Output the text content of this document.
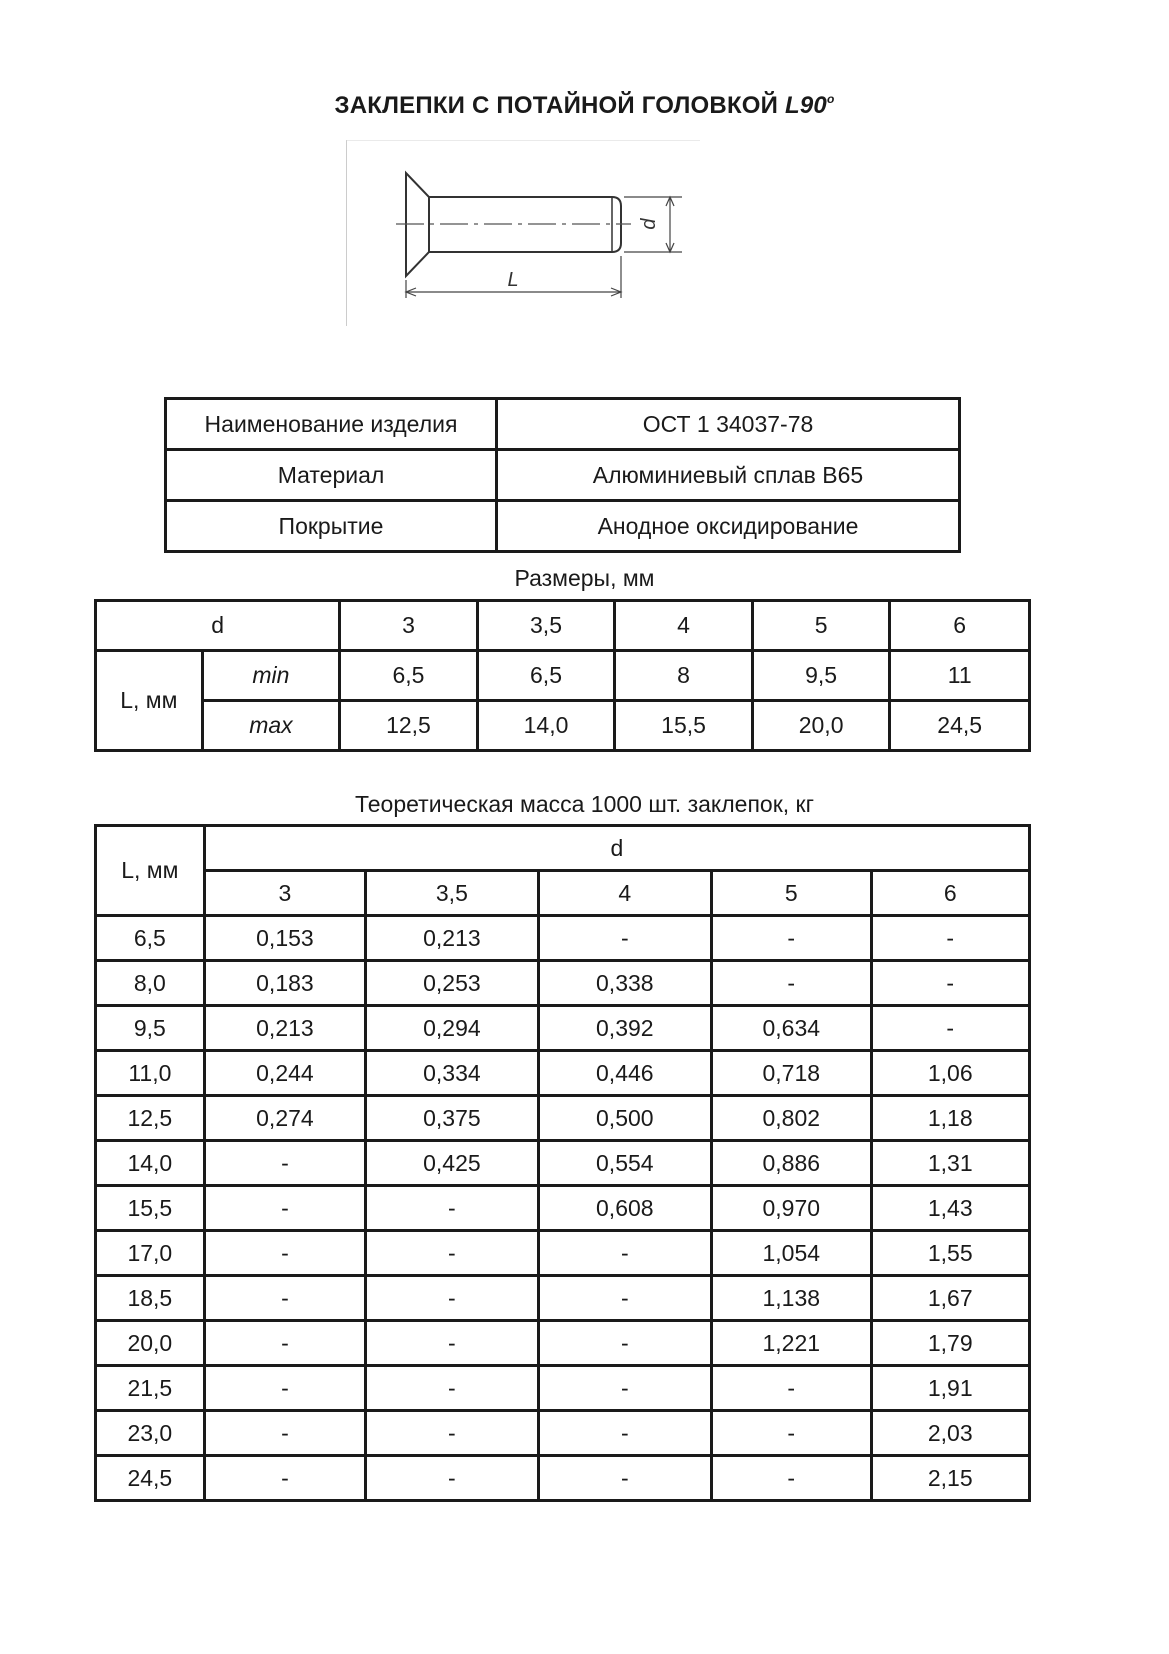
ЗАКЛЕПКИ С ПОТАЙНОЙ ГОЛОВКОЙ $L90^о$
d
L
Наименование изделия	ОСТ 1 34037-78
Материал	Алюминиевый сплав В65
Покрытие	Анодное оксидирование
Размеры, мм
d		3	3,5	4	5	6
L, мм	min	6,5	6,5	8	9,5	11
	max	12,5	14,0	15,5	20,0	24,5
Теоретическая масса 1000 шт. заклепок, кг
L, мм	d				
	3	3,5	4	5	6
6,5	0,153	0,213	-	-	-
8,0	0,183	0,253	0,338	-	-
9,5	0,213	0,294	0,392	0,634	-
11,0	0,244	0,334	0,446	0,718	1,06
12,5	0,274	0,375	0,500	0,802	1,18
14,0	-	0,425	0,554	0,886	1,31
15,5	-	-	0,608	0,970	1,43
17,0	-	-	-	1,054	1,55
18,5	-	-	-	1,138	1,67
20,0	-	-	-	1,221	1,79
21,5	-	-	-	-	1,91
23,0	-	-	-	-	2,03
24,5	-	-	-	-	2,15
